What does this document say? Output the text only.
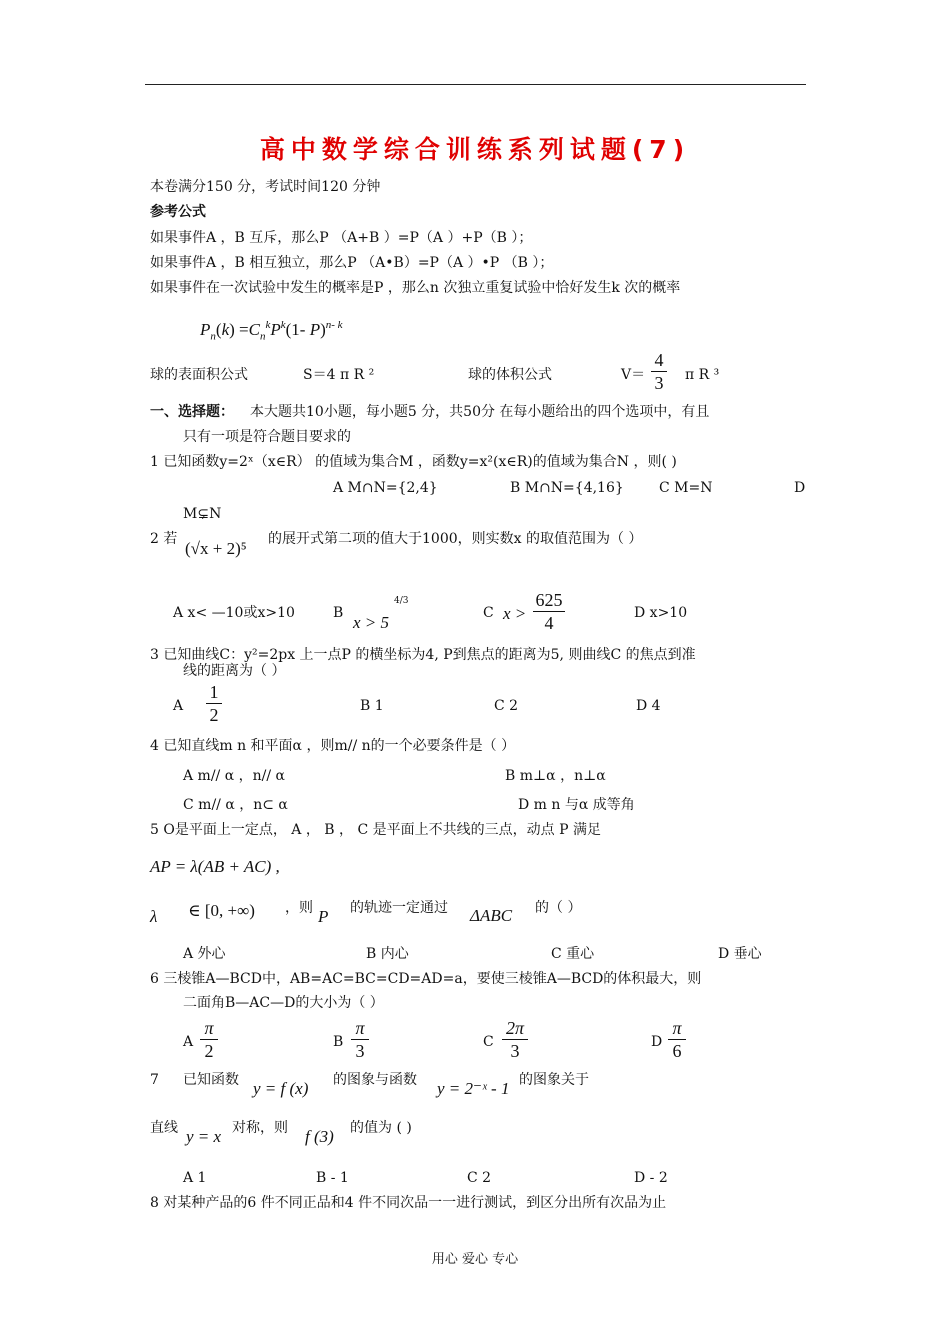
高中数学综合训练系列试题(7)
本卷满分150 分，考试时间120 分钟
参考公式
如果事件A ，B 互斥，那么P （A+B ）=P（A ）+P（B ）；
如果事件A ，B 相互独立，那么P （A•B）=P（A ）•P （B ）；
如果事件在一次试验中发生的概率是P ，那么n 次独立重复试验中恰好发生k 次的概率
$P_n(k) =C_n^kP^k(1-$ P)$^{n- k}$
球的表面积公式	S＝4 π R ²	球的体积公式	V＝
4
3 π R ³
一、选择题： 本大题共10小题，每小题5 分，共50分 在每小题给出的四个选项中，有且
只有一项是符合题目要求的
1 已知函数y=2ˣ（x∈R） 的值域为集合M ，函数y=x²(x∈R)的值域为集合N ，则( )
A M∩N={2,4}	B M∩N={4,16}	C M=N	D
M⊊N
2 若 (√x + 2)⁵ 的展开式第二项的值大于1000，则实数x 的取值范围为（ ）
A x< —10或x>10	B x > 5
4/3
C x >
625
4	D x>10
3 已知曲线C：y²=2px 上一点P 的横坐标为4, P到焦点的距离为5, 则曲线C 的焦点到准
线的距离为（ ）
A
1
2	B 1	C 2	D 4
4 已知直线m n 和平面α ，则m// n的一个必要条件是（ ）
A m// α ，n// α	B m⊥α ，n⊥α
C m// α ，n⊂ α	D m n 与α 成等角
5 O是平面上一定点， A ， B ， C 是平面上不共线的三点，动点 P 满足
AP = λ(AB + AC) ,
λ ∈ [0, +∞) ，则 P 的轨迹一定通过 ΔABC 的（ ）
A 外心	B 内心	C 重心	D 垂心
6 三棱锥A—BCD中，AB=AC=BC=CD=AD=a，要使三棱锥A—BCD的体积最大，则
二面角B—AC—D的大小为（ ）
A
π
2	B
π
3	C
2π
3	D
π
6
7 已知函数 y = f (x) 的图象与函数 y = 2⁻ˣ - 1 的图象关于
直线 y = x 对称，则 f (3) 的值为 ( )
A 1	B - 1	C 2	D - 2
8 对某种产品的6 件不同正品和4 件不同次品一一进行测试，到区分出所有次品为止
用心 爱心 专心
